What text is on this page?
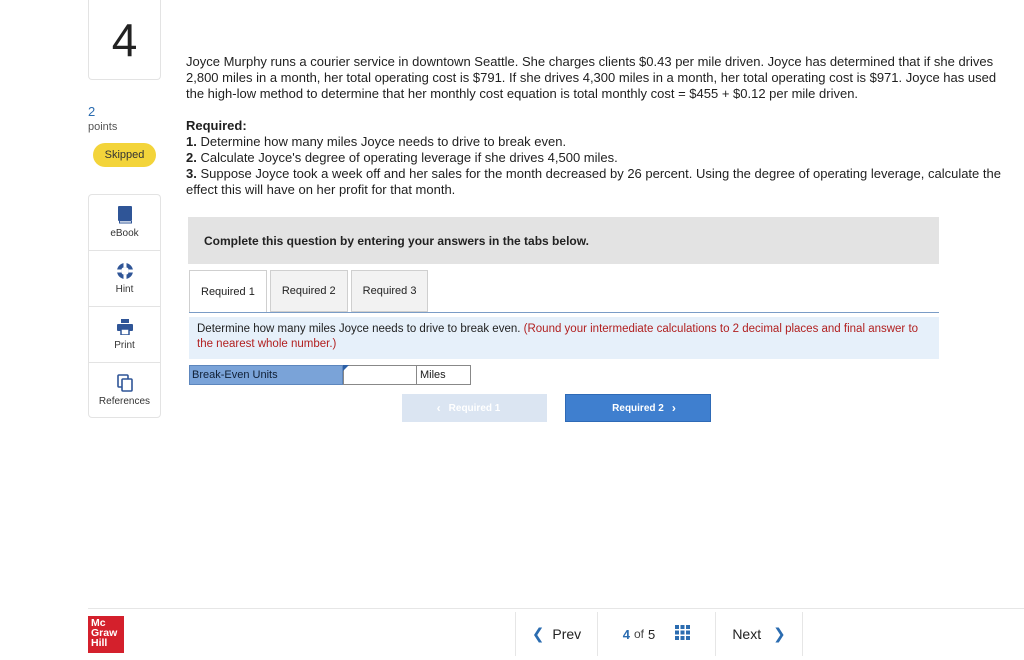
4
2
points
Skipped
eBook
Hint
Print
References
Joyce Murphy runs a courier service in downtown Seattle. She charges clients $0.43 per mile driven. Joyce has determined that if she drives 2,800 miles in a month, her total operating cost is $791. If she drives 4,300 miles in a month, her total operating cost is $971. Joyce has used the high-low method to determine that her monthly cost equation is total monthly cost = $455 + $0.12 per mile driven.
Required:
1. Determine how many miles Joyce needs to drive to break even.
2. Calculate Joyce's degree of operating leverage if she drives 4,500 miles.
3. Suppose Joyce took a week off and her sales for the month decreased by 26 percent. Using the degree of operating leverage, calculate the effect this will have on her profit for that month.
Complete this question by entering your answers in the tabs below.
Required 1	Required 2	Required 3
Determine how many miles Joyce needs to drive to break even. (Round your intermediate calculations to 2 decimal places and final answer to the nearest whole number.)
Break-Even Units	Miles
‹ Required 1	Required 2 ›
Mc
Graw
Hill	❮ Prev	4 of 5	Next ❯
